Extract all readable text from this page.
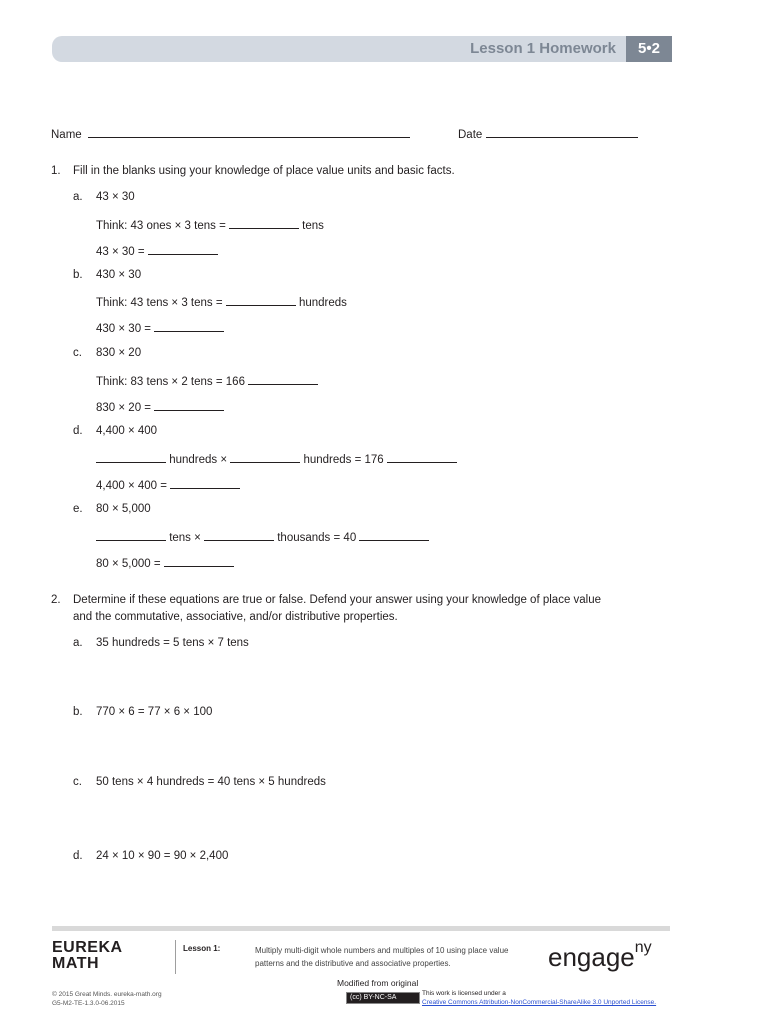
Lesson 1 Homework	5•2
Name	Date
1. Fill in the blanks using your knowledge of place value units and basic facts.
a. 43 × 30
Think: 43 ones × 3 tens =	tens
43 × 30 =
b. 430 × 30
Think: 43 tens × 3 tens =	hundreds
430 × 30 =
c. 830 × 20
Think: 83 tens × 2 tens = 166
830 × 20 =
d. 4,400 × 400
hundreds ×	hundreds = 176
4,400 × 400 =
e. 80 × 5,000
tens ×	thousands = 40
80 × 5,000 =
2. Determine if these equations are true or false. Defend your answer using your knowledge of place value
and the commutative, associative, and/or distributive properties.
a. 35 hundreds = 5 tens × 7 tens
b. 770 × 6 = 77 × 6 × 100
c. 50 tens × 4 hundreds = 40 tens × 5 hundreds
d. 24 × 10 × 90 = 90 × 2,400
EUREKA
MATH
Lesson 1:	Multiply multi-digit whole numbers and multiples of 10 using place value patterns and the distributive and associative properties.	engage$^{ny}$
Modified from original
(cc) BY-NC-SA
This work is licensed under a
Creative Commons Attribution-NonCommercial-ShareAlike 3.0 Unported License.
© 2015 Great Minds. eureka-math.org
G5-M2-TE-1.3.0-06.2015
